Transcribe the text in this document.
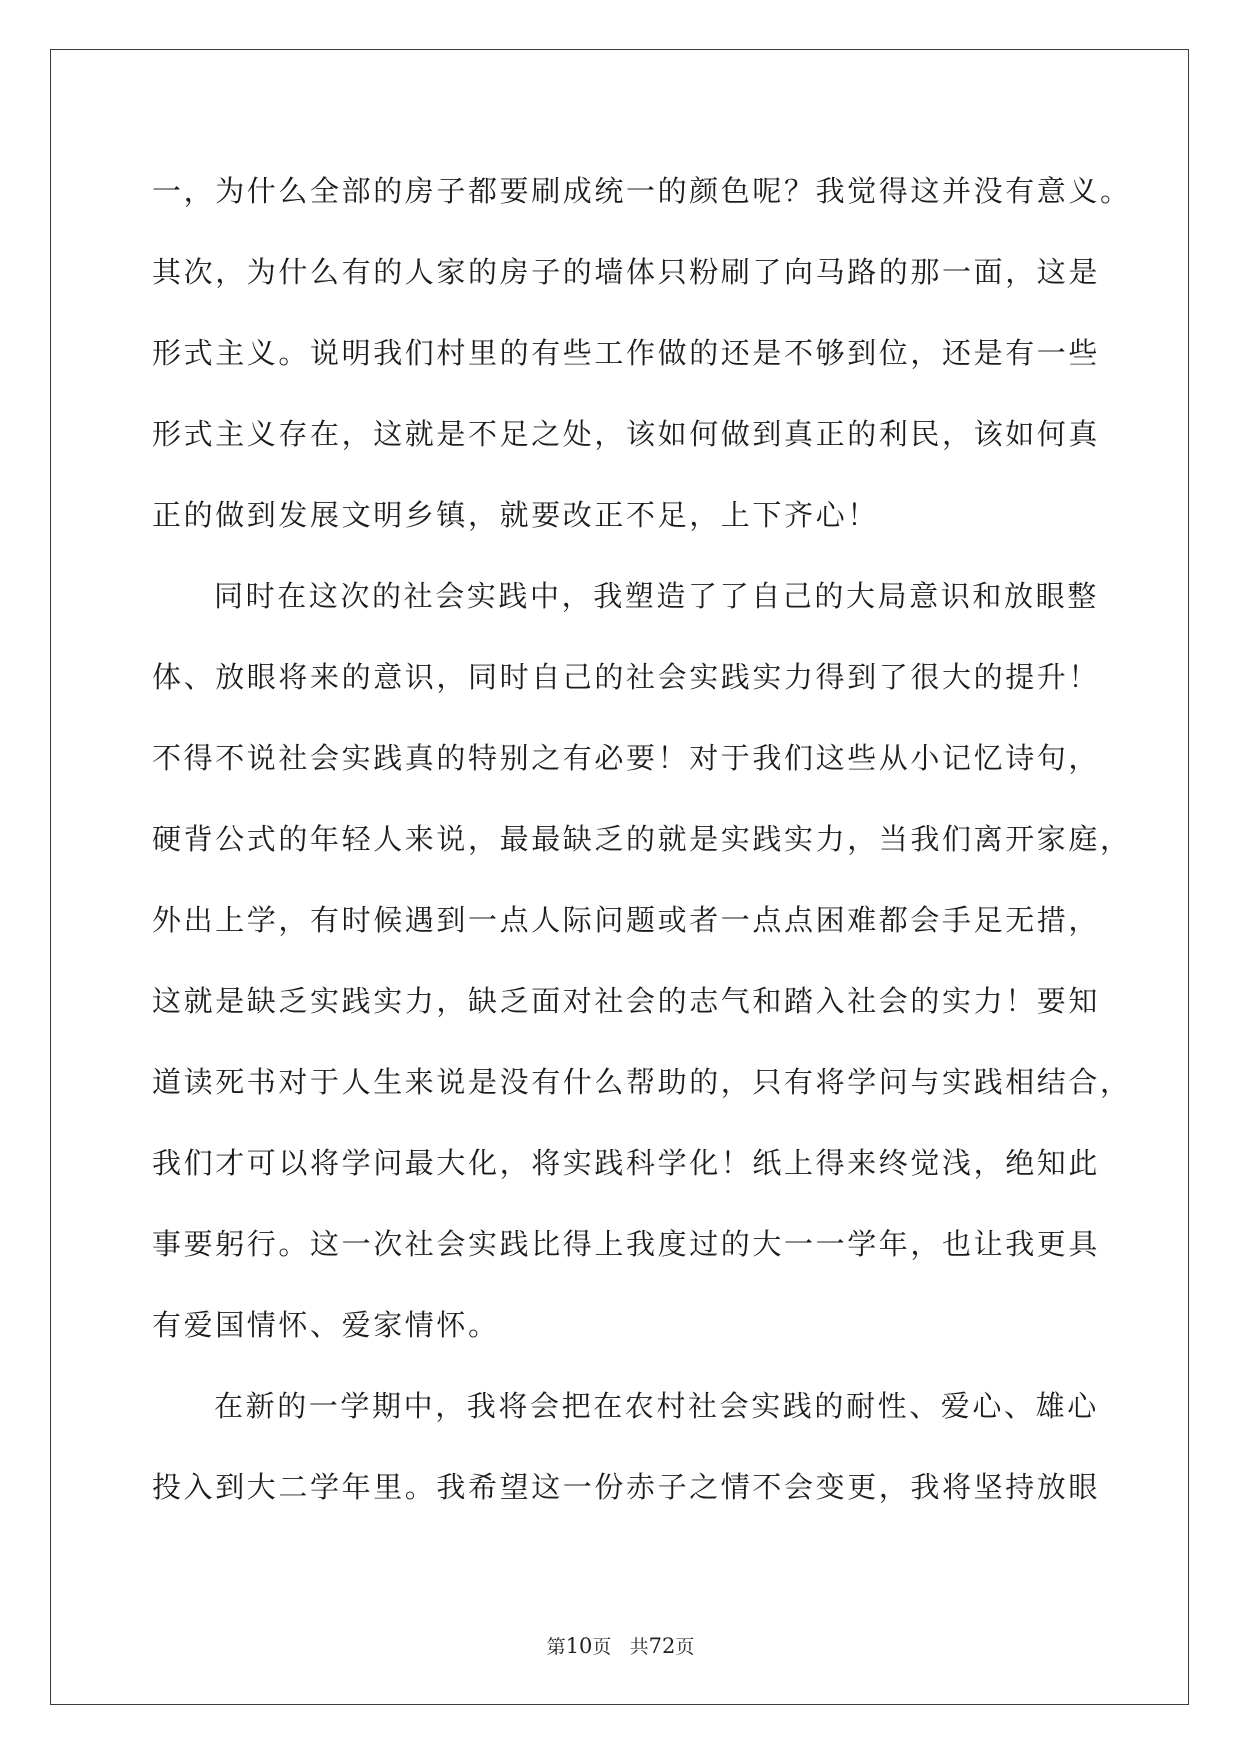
一，为什么全部的房子都要刷成统一的颜色呢？我觉得这并没有意义。
其次，为什么有的人家的房子的墙体只粉刷了向马路的那一面，这是
形式主义。说明我们村里的有些工作做的还是不够到位，还是有一些
形式主义存在，这就是不足之处，该如何做到真正的利民，该如何真
正的做到发展文明乡镇，就要改正不足，上下齐心！
同时在这次的社会实践中，我塑造了了自己的大局意识和放眼整
体、放眼将来的意识，同时自己的社会实践实力得到了很大的提升！
不得不说社会实践真的特别之有必要！对于我们这些从小记忆诗句，
硬背公式的年轻人来说，最最缺乏的就是实践实力，当我们离开家庭，
外出上学，有时候遇到一点人际问题或者一点点困难都会手足无措，
这就是缺乏实践实力，缺乏面对社会的志气和踏入社会的实力！要知
道读死书对于人生来说是没有什么帮助的，只有将学问与实践相结合，
我们才可以将学问最大化，将实践科学化！纸上得来终觉浅，绝知此
事要躬行。这一次社会实践比得上我度过的大一一学年，也让我更具
有爱国情怀、爱家情怀。
在新的一学期中，我将会把在农村社会实践的耐性、爱心、雄心
投入到大二学年里。我希望这一份赤子之情不会变更，我将坚持放眼
第10页 共72页
